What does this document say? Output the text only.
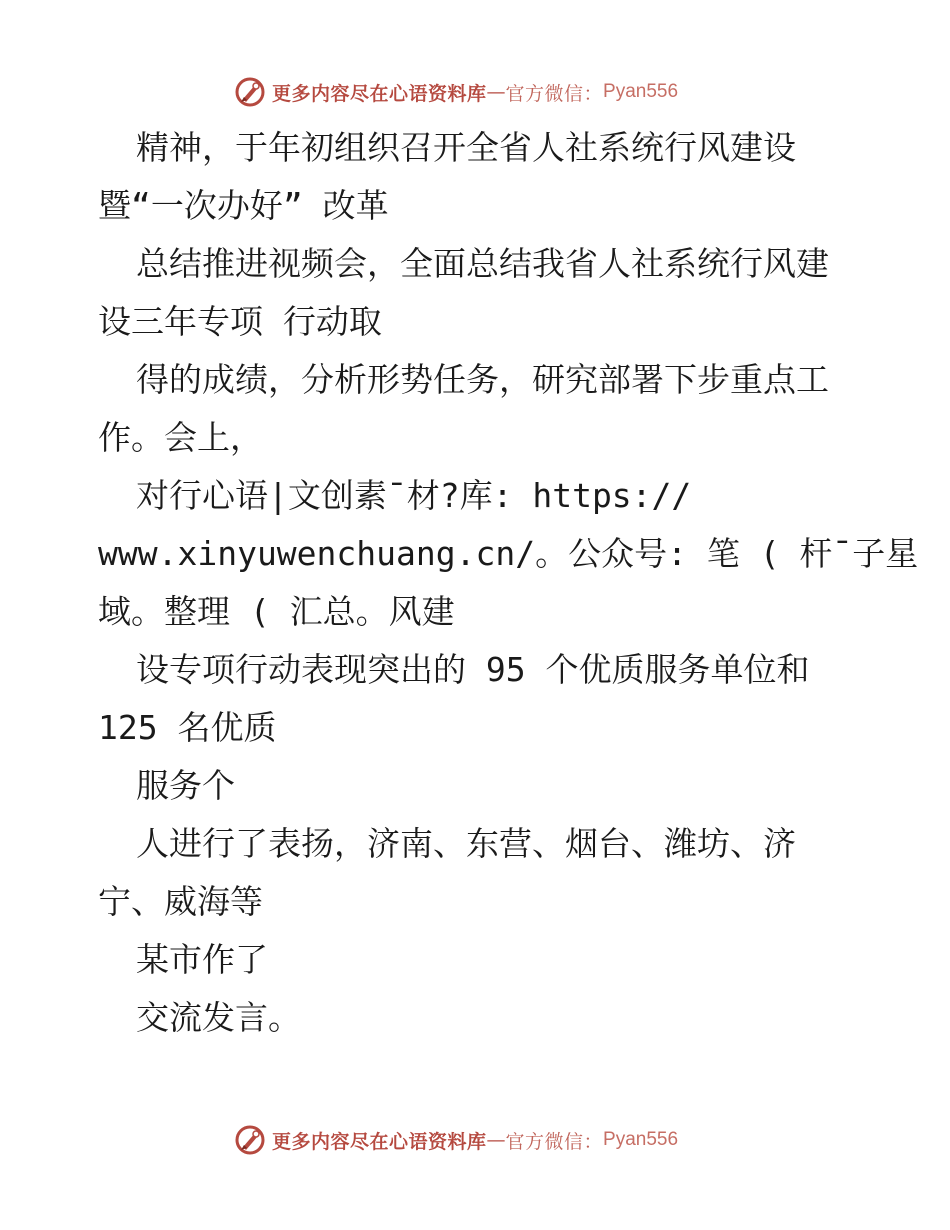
更多内容尽在心语资料库 — 官方微信： Pyan556
精神，于年初组织召开全省人社系统行风建设
暨“一次办好” 改革
总结推进视频会，全面总结我省人社系统行风建
设三年专项 行动取
得的成绩，分析形势任务，研究部署下步重点工
作。会上，
对行心语|文创素¯材?库: https://
www.xinyuwenchuang.cn/。公众号: 笔 ( 杆¯子星
域。整理 ( 汇总。风建
设专项行动表现突出的 95 个优质服务单位和
125 名优质
服务个
人进行了表扬，济南、东营、烟台、潍坊、济
宁、威海等
某市作了
交流发言。
更多内容尽在心语资料库 — 官方微信： Pyan556
